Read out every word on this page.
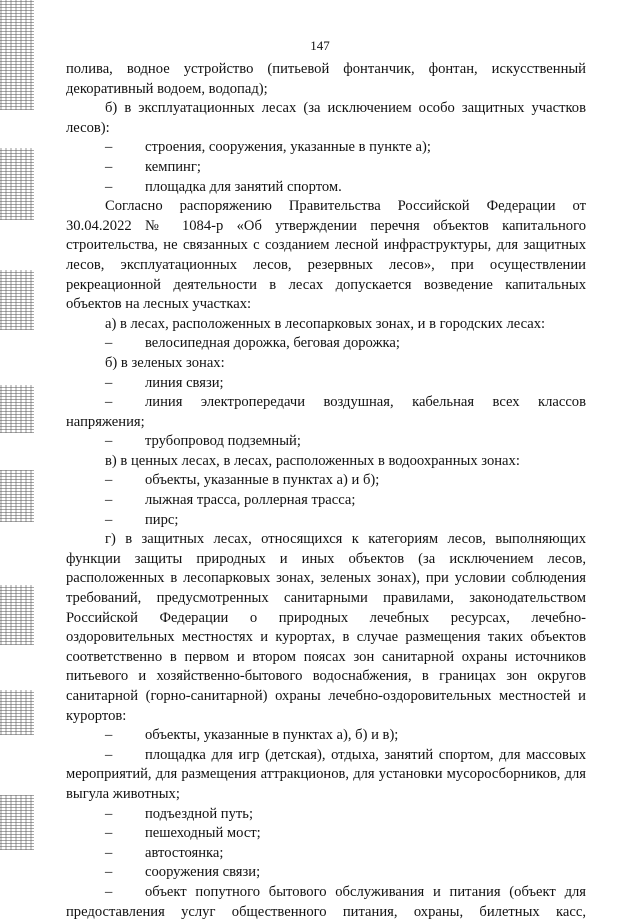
147

полива, водное устройство (питьевой фонтанчик, фонтан, искусственный декоративный водоем, водопад);

б) в эксплуатационных лесах (за исключением особо защитных участков лесов):

– строения, сооружения, указанные в пункте а);

– кемпинг;

– площадка для занятий спортом.

Согласно распоряжению Правительства Российской Федерации от 30.04.2022 № 1084-р «Об утверждении перечня объектов капитального строительства, не связанных с созданием лесной инфраструктуры, для защитных лесов, эксплуатационных лесов, резервных лесов», при осуществлении рекреационной деятельности в лесах допускается возведение капитальных объектов на лесных участках:

а) в лесах, расположенных в лесопарковых зонах, и в городских лесах:

– велосипедная дорожка, беговая дорожка;

б) в зеленых зонах:

– линия связи;

– линия электропередачи воздушная, кабельная всех классов напряжения;

– трубопровод подземный;

в) в ценных лесах, в лесах, расположенных в водоохранных зонах:

– объекты, указанные в пунктах а) и б);

– лыжная трасса, роллерная трасса;

– пирс;

г) в защитных лесах, относящихся к категориям лесов, выполняющих функции защиты природных и иных объектов (за исключением лесов, расположенных в лесопарковых зонах, зеленых зонах), при условии соблюдения требований, предусмотренных санитарными правилами, законодательством Российской Федерации о природных лечебных ресурсах, лечебно-оздоровительных местностях и курортах, в случае размещения таких объектов соответственно в первом и втором поясах зон санитарной охраны источников питьевого и хозяйственно-бытового водоснабжения, в границах зон округов санитарной (горно-санитарной) охраны лечебно-оздоровительных местностей и курортов:

– объекты, указанные в пунктах а), б) и в);

– площадка для игр (детская), отдыха, занятий спортом, для массовых мероприятий, для размещения аттракционов, для установки мусоросборников, для выгула животных;

– подъездной путь;

– пешеходный мост;

– автостоянка;

– сооружения связи;

– объект попутного бытового обслуживания и питания (объект для предоставления услуг общественного питания, охраны, билетных касс,
